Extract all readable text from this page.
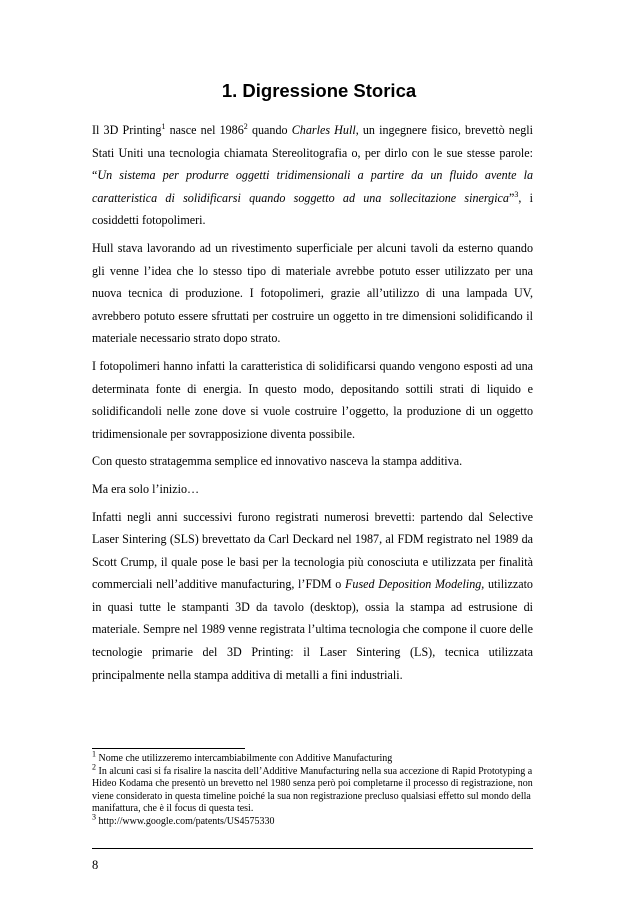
1. Digressione Storica

Il 3D Printing$^1$ nasce nel 1986$^2$ quando Charles Hull, un ingegnere fisico, brevettò negli Stati Uniti una tecnologia chiamata Stereolitografia o, per dirlo con le sue stesse parole: “Un sistema per produrre oggetti tridimensionali a partire da un fluido avente la caratteristica di solidificarsi quando soggetto ad una sollecitazione sinergica”$^3$, i cosiddetti fotopolimeri.

Hull stava lavorando ad un rivestimento superficiale per alcuni tavoli da esterno quando gli venne l’idea che lo stesso tipo di materiale avrebbe potuto esser utilizzato per una nuova tecnica di produzione. I fotopolimeri, grazie all’utilizzo di una lampada UV, avrebbero potuto essere sfruttati per costruire un oggetto in tre dimensioni solidificando il materiale necessario strato dopo strato.

I fotopolimeri hanno infatti la caratteristica di solidificarsi quando vengono esposti ad una determinata fonte di energia. In questo modo, depositando sottili strati di liquido e solidificandoli nelle zone dove si vuole costruire l’oggetto, la produzione di un oggetto tridimensionale per sovrapposizione diventa possibile.

Con questo stratagemma semplice ed innovativo nasceva la stampa additiva.

Ma era solo l’inizio…

Infatti negli anni successivi furono registrati numerosi brevetti: partendo dal Selective Laser Sintering (SLS) brevettato da Carl Deckard nel 1987, al FDM registrato nel 1989 da Scott Crump, il quale pose le basi per la tecnologia più conosciuta e utilizzata per finalità commerciali nell’additive manufacturing, l’FDM o Fused Deposition Modeling, utilizzato in quasi tutte le stampanti 3D da tavolo (desktop), ossia la stampa ad estrusione di materiale. Sempre nel 1989 venne registrata l’ultima tecnologia che compone il cuore delle tecnologie primarie del 3D Printing: il Laser Sintering (LS), tecnica utilizzata principalmente nella stampa additiva di metalli a fini industriali.

$^1$ Nome che utilizzeremo intercambiabilmente con Additive Manufacturing
$^2$ In alcuni casi si fa risalire la nascita dell’Additive Manufacturing nella sua accezione di Rapid Prototyping a Hideo Kodama che presentò un brevetto nel 1980 senza però poi completarne il processo di registrazione, non viene considerato in questa timeline poiché la sua non registrazione precluso qualsiasi effetto sul mondo della manifattura, che è il focus di questa tesi.
$^3$ http://www.google.com/patents/US4575330
8
